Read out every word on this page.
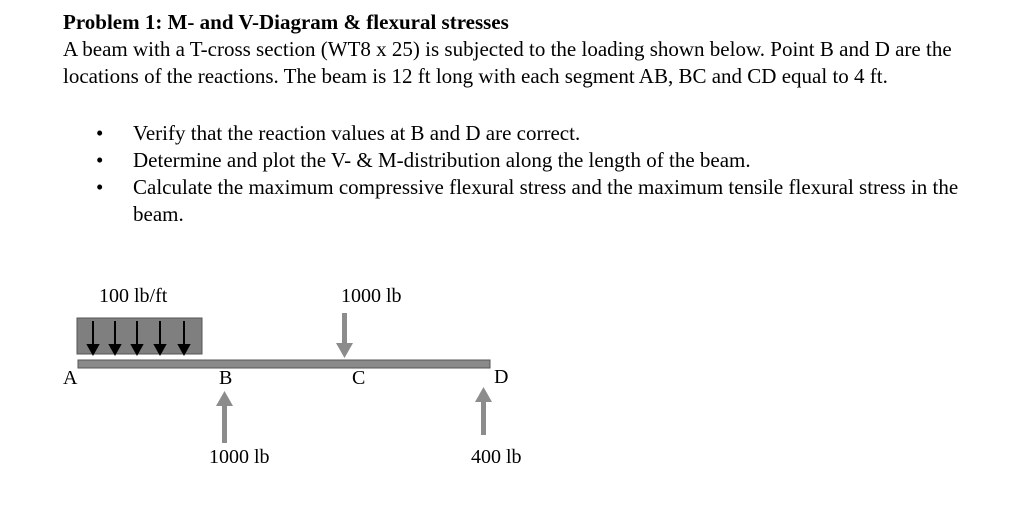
Problem 1: M- and V-Diagram & flexural stresses

A beam with a T-cross section (WT8 x 25) is subjected to the loading shown below. Point B and D are the locations of the reactions. The beam is 12 ft long with each segment AB, BC and CD equal to 4 ft.

• Verify that the reaction values at B and D are correct.
• Determine and plot the V- & M-distribution along the length of the beam.
• Calculate the maximum compressive flexural stress and the maximum tensile flexural stress in the beam.
100 lb/ft	1000 lb
A	B	C	D
1000 lb	400 lb
